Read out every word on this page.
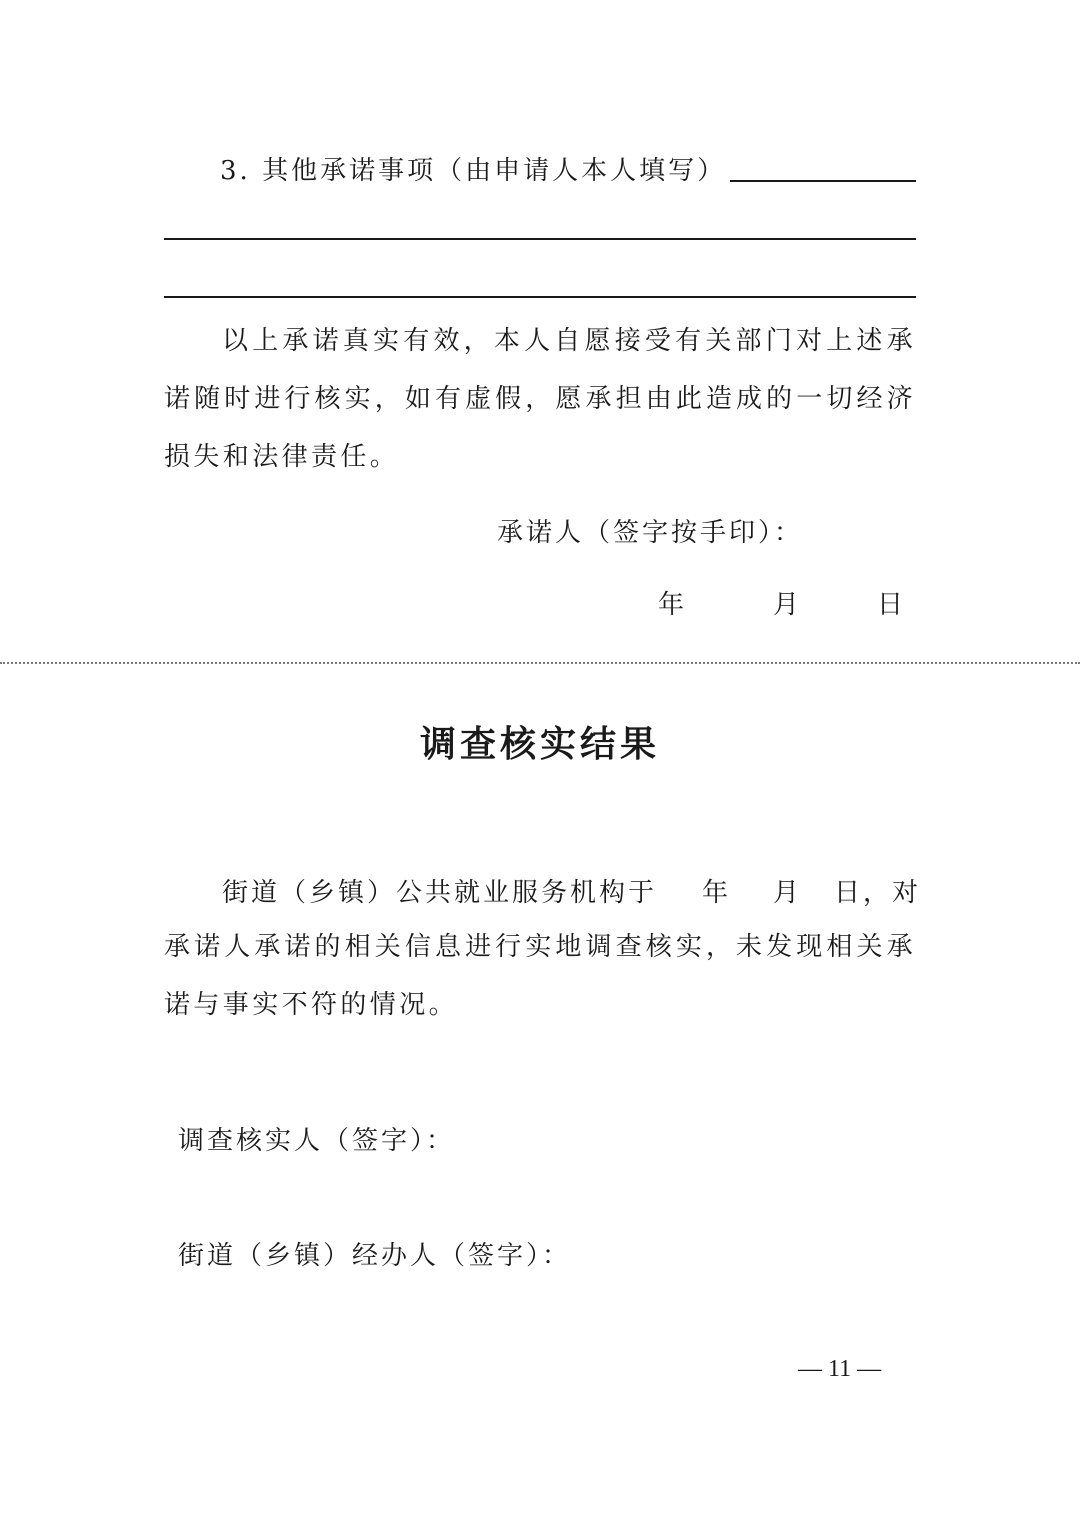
3. 其他承诺事项（由申请人本人填写）
以上承诺真实有效，本人自愿接受有关部门对上述承诺随时进行核实，如有虚假，愿承担由此造成的一切经济损失和法律责任。
承诺人（签字按手印）：
年	月	日
调查核实结果
街道（乡镇）公共就业服务机构于 年 月 日，对
承诺人承诺的相关信息进行实地调查核实，未发现相关承诺与事实不符的情况。
调查核实人（签字）：
街道（乡镇）经办人（签字）：
— 11 —
